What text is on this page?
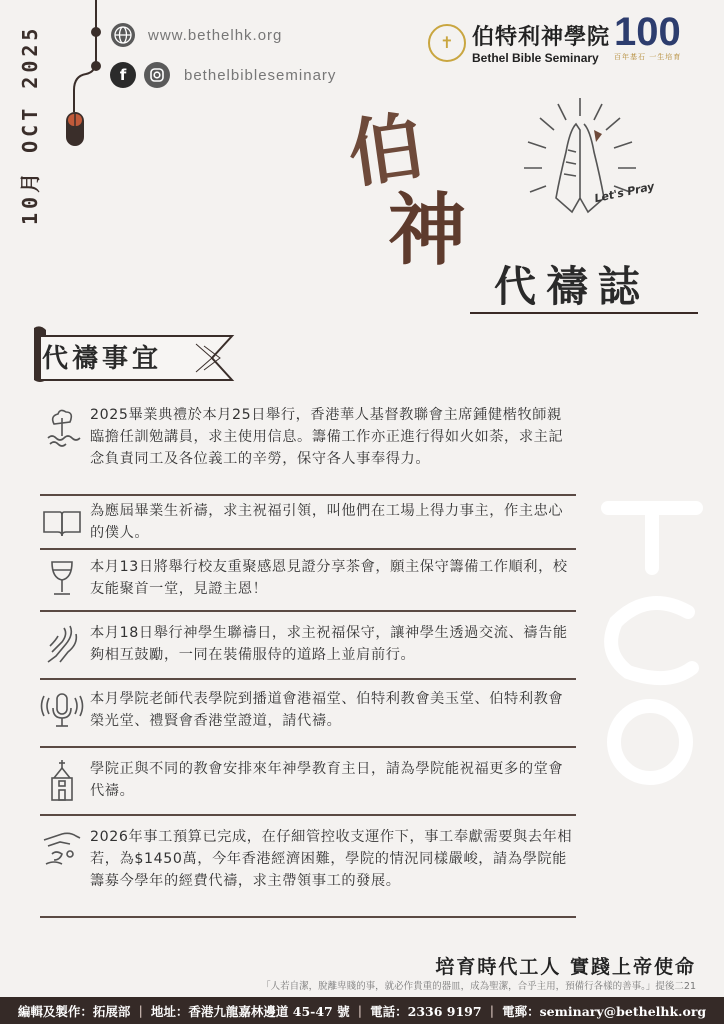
10月 OCT 2025	www.bethelhk.org
f	bethelbibleseminary
✝ 伯特利神學院
Bethel Bible Seminary
100
百年基石 一生培育
伯
神	Let's Pray
代禱誌
OCT
代禱事宜
2025畢業典禮於本月25日舉行，香港華人基督教聯會主席鍾健楷牧師親臨擔任訓勉講員，求主使用信息。籌備工作亦正進行得如火如荼，求主記念負責同工及各位義工的辛勞，保守各人事奉得力。
為應屆畢業生祈禱，求主祝福引領，叫他們在工場上得力事主，作主忠心的僕人。
本月13日將舉行校友重聚感恩見證分享茶會，願主保守籌備工作順利，校友能聚首一堂，見證主恩！
本月18日舉行神學生聯禱日，求主祝福保守，讓神學生透過交流、禱告能夠相互鼓勵，一同在裝備服侍的道路上並肩前行。
本月學院老師代表學院到播道會港福堂、伯特利教會美玉堂、伯特利教會榮光堂、禮賢會香港堂證道，請代禱。
學院正與不同的教會安排來年神學教育主日，請為學院能祝福更多的堂會代禱。
2026年事工預算已完成，在仔細管控收支運作下，事工奉獻需要與去年相若，為$1450萬，今年香港經濟困難，學院的情況同樣嚴峻，請為學院能籌募今學年的經費代禱，求主帶領事工的發展。
培育時代工人 實踐上帝使命
「人若自潔，脫離卑賤的事，就必作貴重的器皿，成為聖潔，合乎主用，預備行各樣的善事。」提後二21
編輯及製作：拓展部 | 地址：香港九龍嘉林邊道 45-47 號 | 電話：2336 9197 | 電郵：seminary@bethelhk.org
